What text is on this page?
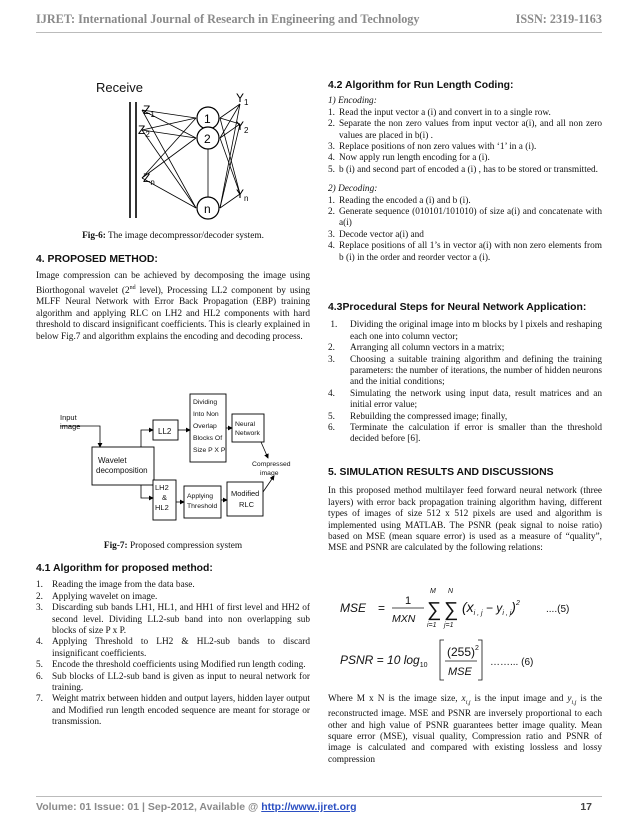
IJRET: International Journal of Research in Engineering and Technology	ISSN: 2319-1163
Receive
$Z_1$
$Z_2$
$Z_n$
1
2
n
$Y_1$
$Y_2$
$Y_n$
Fig-6: The image decompressor/decoder system.
4. PROPOSED METHOD:

Image compression can be achieved by decomposing the image using Biorthogonal wavelet (2nd level), Processing LL2 component by using MLFF Neural Network with Error Back Propagation (EBP) training algorithm and applying RLC on LH2 and HL2 components with hard threshold to discard insignificant coefficients. This is clearly explained in below Fig.7 and algorithm explains the encoding and decoding process.

Input image
Wavelet decomposition
LL2
Dividing Into Non Overlap Blocks Of Size P X P
Neural Network
Compressed image
LH2 & HL2
Applying Threshold
Modified RLC
Fig-7: Proposed compression system
4.1 Algorithm for proposed method:
1. Reading the image from the data base.
2. Applying wavelet on image.
3. Discarding sub bands LH1, HL1, and HH1 of first level and HH2 of second level. Dividing LL2-sub band into non overlapping sub blocks of size P x P.
4. Applying Threshold to LH2 & HL2-sub bands to discard insignificant coefficients.
5. Encode the threshold coefficients using Modified run length coding.
6. Sub blocks of LL2-sub band is given as input to neural network for training.
7. Weight matrix between hidden and output layers, hidden layer output and Modified run length encoded sequence are meant for storage or transmission.
4.2 Algorithm for Run Length Coding:
1) Encoding:
1. Read the input vector a (i) and convert in to a single row.
2. Separate the non zero values from input vector a(i), and all non zero values are placed in b(i) .
3. Replace positions of non zero values with ‘1’ in a (i).
4. Now apply run length encoding for a (i).
5. b (i) and second part of encoded a (i) , has to be stored or transmitted.
2) Decoding:
1. Reading the encoded a (i) and b (i).
2. Generate sequence (010101/101010) of size a(i) and concatenate with a(i)
3. Decode vector a(i) and
4. Replace positions of all 1’s in vector a(i) with non zero elements from b (i) in the order and reorder vector a (i).
4.3Procedural Steps for Neural Network Application:
1. Dividing the original image into m blocks by l pixels and reshaping each one into column vector;
2. Arranging all column vectors in a matrix;
3. Choosing a suitable training algorithm and defining the training parameters: the number of iterations, the number of hidden neurons and the initial conditions;
4. Simulating the network using input data, result matrices and an initial error value;
5. Rebuilding the compressed image; finally,
6. Terminate the calculation if error is smaller than the threshold decided before [6].
5. SIMULATION RESULTS AND DISCUSSIONS

In this proposed method multilayer feed forward neural network (three layers) with error back propagation training algorithm having, different types of images of size 512 x 512 pixels are used and algorithm is implemented using MATLAB. The PSNR (peak signal to noise ratio) based on MSE (mean square error) is used as a measure of “quality”, MSE and PSNR are calculated by the following relations:

MSE = 1
MXN
M
∑
i=1
N
∑
j=1
$(x_{i , j} - y_{i , j})^2$
....(5)
PSNR = 10 $\log_{10}$
$(255)^2$
MSE
……... (6)
Where M x N is the image size, $x_{i,j}$ is the input image and $y_{i,j}$ is the reconstructed image. MSE and PSNR are inversely proportional to each other and high value of PSNR guarantees better image quality. Mean square error (MSE), visual quality, Compression ratio and PSNR of image is calculated and compared with existing lossless and lossy compression
Volume: 01 Issue: 01 | Sep-2012, Available @ http://www.ijret.org	17
